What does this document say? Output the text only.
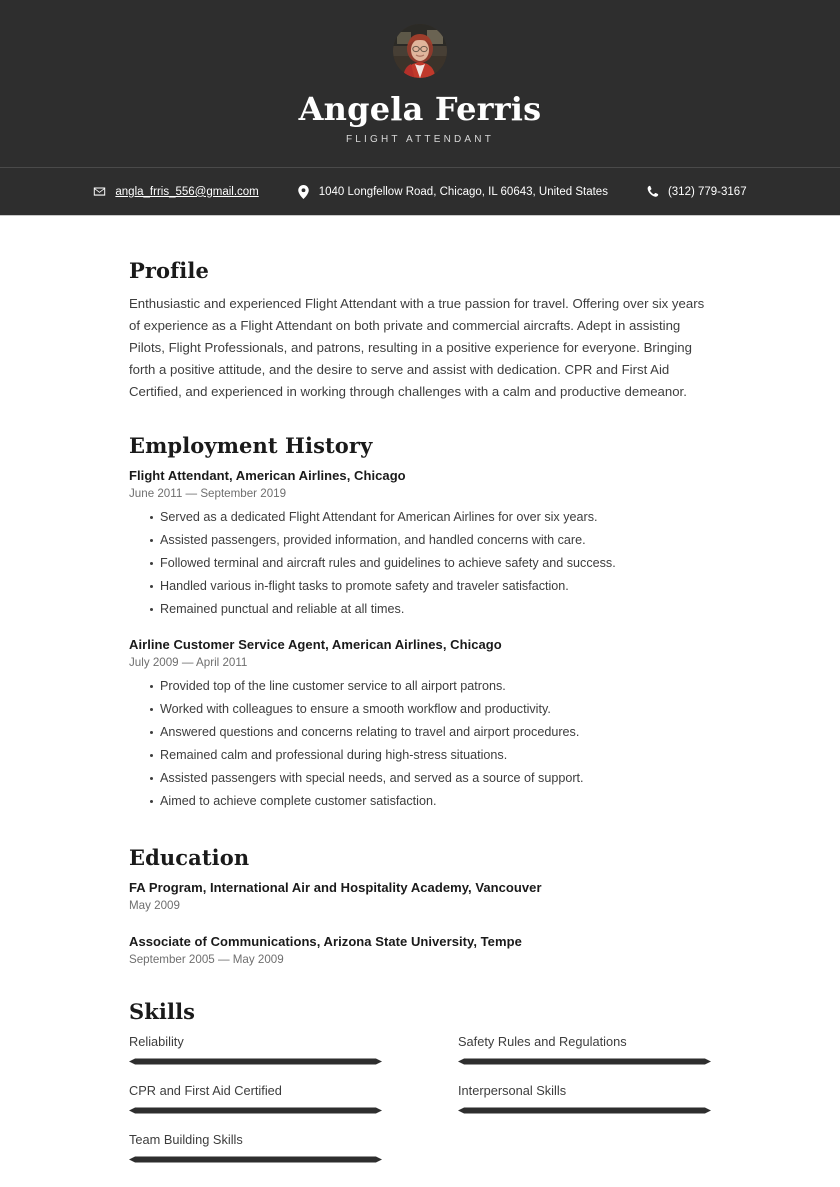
Angela Ferris
FLIGHT ATTENDANT
angla_frris_556@gmail.com	1040 Longfellow Road, Chicago, IL 60643, United States	(312) 779-3167
Profile

Enthusiastic and experienced Flight Attendant with a true passion for travel. Offering over six years of experience as a Flight Attendant on both private and commercial aircrafts. Adept in assisting Pilots, Flight Professionals, and patrons, resulting in a positive experience for everyone. Bringing forth a positive attitude, and the desire to serve and assist with dedication. CPR and First Aid Certified, and experienced in working through challenges with a calm and productive demeanor.

Employment History
Flight Attendant, American Airlines, Chicago
June 2011 — September 2019
Served as a dedicated Flight Attendant for American Airlines for over six years.
Assisted passengers, provided information, and handled concerns with care.
Followed terminal and aircraft rules and guidelines to achieve safety and success.
Handled various in-flight tasks to promote safety and traveler satisfaction.
Remained punctual and reliable at all times.
Airline Customer Service Agent, American Airlines, Chicago
July 2009 — April 2011
Provided top of the line customer service to all airport patrons.
Worked with colleagues to ensure a smooth workflow and productivity.
Answered questions and concerns relating to travel and airport procedures.
Remained calm and professional during high-stress situations.
Assisted passengers with special needs, and served as a source of support.
Aimed to achieve complete customer satisfaction.
Education
FA Program, International Air and Hospitality Academy, Vancouver
May 2009
Associate of Communications, Arizona State University, Tempe
September 2005 — May 2009
Skills
Reliability	Safety Rules and Regulations
CPR and First Aid Certified	Interpersonal Skills
Team Building Skills
